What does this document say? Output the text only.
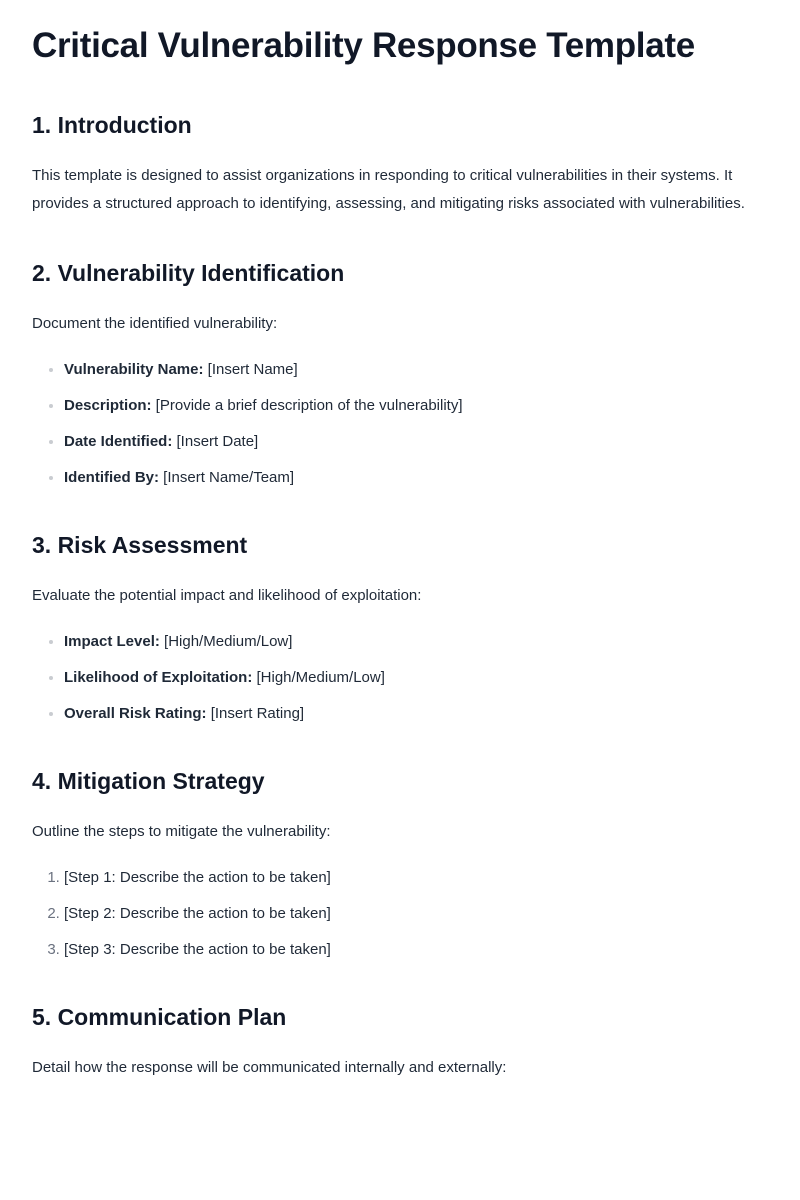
Critical Vulnerability Response Template
1. Introduction

This template is designed to assist organizations in responding to critical vulnerabilities in their systems. It provides a structured approach to identifying, assessing, and mitigating risks associated with vulnerabilities.

2. Vulnerability Identification

Document the identified vulnerability:

• Vulnerability Name: [Insert Name]
• Description: [Provide a brief description of the vulnerability]
• Date Identified: [Insert Date]
• Identified By: [Insert Name/Team]
3. Risk Assessment

Evaluate the potential impact and likelihood of exploitation:

• Impact Level: [High/Medium/Low]
• Likelihood of Exploitation: [High/Medium/Low]
• Overall Risk Rating: [Insert Rating]
4. Mitigation Strategy

Outline the steps to mitigate the vulnerability:

1. [Step 1: Describe the action to be taken]
2. [Step 2: Describe the action to be taken]
3. [Step 3: Describe the action to be taken]
5. Communication Plan

Detail how the response will be communicated internally and externally:
